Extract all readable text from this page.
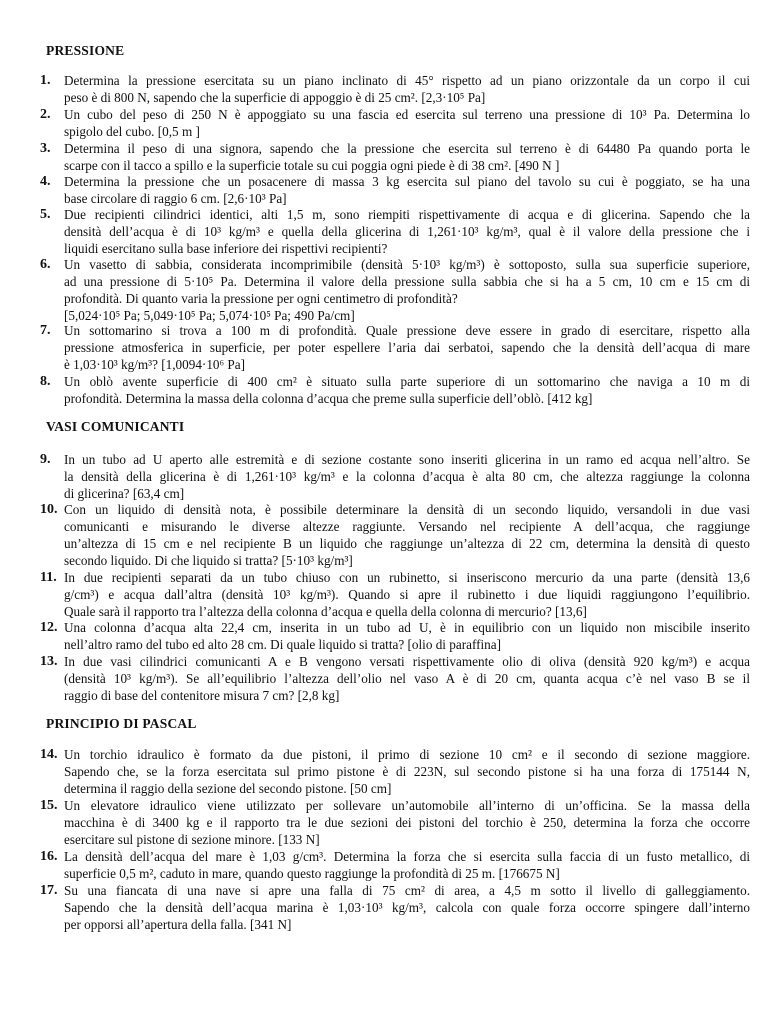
PRESSIONE
1. Determina la pressione esercitata su un piano inclinato di 45° rispetto ad un piano orizzontale da un corpo il cui
peso è di 800 N, sapendo che la superficie di appoggio è di 25 cm². [2,3·10⁵ Pa]
2. Un cubo del peso di 250 N è appoggiato su una fascia ed esercita sul terreno una pressione di 10³ Pa. Determina lo
spigolo del cubo. [0,5 m ]
3. Determina il peso di una signora, sapendo che la pressione che esercita sul terreno è di 64480 Pa quando porta le
scarpe con il tacco a spillo e la superficie totale su cui poggia ogni piede è di 38 cm². [490 N ]
4. Determina la pressione che un posacenere di massa 3 kg esercita sul piano del tavolo su cui è poggiato, se ha una
base circolare di raggio 6 cm. [2,6·10³ Pa]
5. Due recipienti cilindrici identici, alti 1,5 m, sono riempiti rispettivamente di acqua e di glicerina. Sapendo che la
densità dell’acqua è di 10³ kg/m³ e quella della glicerina di 1,261·10³ kg/m³, qual è il valore della pressione che i
liquidi esercitano sulla base inferiore dei rispettivi recipienti?
6. Un vasetto di sabbia, considerata incomprimibile (densità 5·10³ kg/m³) è sottoposto, sulla sua superficie superiore,
ad una pressione di 5·10⁵ Pa. Determina il valore della pressione sulla sabbia che si ha a 5 cm, 10 cm e 15 cm di
profondità. Di quanto varia la pressione per ogni centimetro di profondità?
[5,024·10⁵ Pa; 5,049·10⁵ Pa; 5,074·10⁵ Pa; 490 Pa/cm]
7. Un sottomarino si trova a 100 m di profondità. Quale pressione deve essere in grado di esercitare, rispetto alla
pressione atmosferica in superficie, per poter espellere l’aria dai serbatoi, sapendo che la densità dell’acqua di mare
è 1,03·10³ kg/m³? [1,0094·10⁶ Pa]
8. Un oblò avente superficie di 400 cm² è situato sulla parte superiore di un sottomarino che naviga a 10 m di
profondità. Determina la massa della colonna d’acqua che preme sulla superficie dell’oblò. [412 kg]
VASI COMUNICANTI
9. In un tubo ad U aperto alle estremità e di sezione costante sono inseriti glicerina in un ramo ed acqua nell’altro. Se
la densità della glicerina è di 1,261·10³ kg/m³ e la colonna d’acqua è alta 80 cm, che altezza raggiunge la colonna
di glicerina? [63,4 cm]
10. Con un liquido di densità nota, è possibile determinare la densità di un secondo liquido, versandoli in due vasi
comunicanti e misurando le diverse altezze raggiunte. Versando nel recipiente A dell’acqua, che raggiunge
un’altezza di 15 cm e nel recipiente B un liquido che raggiunge un’altezza di 22 cm, determina la densità di questo
secondo liquido. Di che liquido si tratta? [5·10³ kg/m³]
11. In due recipienti separati da un tubo chiuso con un rubinetto, si inseriscono mercurio da una parte (densità 13,6
g/cm³) e acqua dall’altra (densità 10³ kg/m³). Quando si apre il rubinetto i due liquidi raggiungono l’equilibrio.
Quale sarà il rapporto tra l’altezza della colonna d’acqua e quella della colonna di mercurio? [13,6]
12. Una colonna d’acqua alta 22,4 cm, inserita in un tubo ad U, è in equilibrio con un liquido non miscibile inserito
nell’altro ramo del tubo ed alto 28 cm. Di quale liquido si tratta? [olio di paraffina]
13. In due vasi cilindrici comunicanti A e B vengono versati rispettivamente olio di oliva (densità 920 kg/m³) e acqua
(densità 10³ kg/m³). Se all’equilibrio l’altezza dell’olio nel vaso A è di 20 cm, quanta acqua c’è nel vaso B se il
raggio di base del contenitore misura 7 cm? [2,8 kg]
PRINCIPIO DI PASCAL
14. Un torchio idraulico è formato da due pistoni, il primo di sezione 10 cm² e il secondo di sezione maggiore.
Sapendo che, se la forza esercitata sul primo pistone è di 223N, sul secondo pistone si ha una forza di 175144 N,
determina il raggio della sezione del secondo pistone. [50 cm]
15. Un elevatore idraulico viene utilizzato per sollevare un’automobile all’interno di un’officina. Se la massa della
macchina è di 3400 kg e il rapporto tra le due sezioni dei pistoni del torchio è 250, determina la forza che occorre
esercitare sul pistone di sezione minore. [133 N]
16. La densità dell’acqua del mare è 1,03 g/cm³. Determina la forza che si esercita sulla faccia di un fusto metallico, di
superficie 0,5 m², caduto in mare, quando questo raggiunge la profondità di 25 m. [176675 N]
17. Su una fiancata di una nave si apre una falla di 75 cm² di area, a 4,5 m sotto il livello di galleggiamento.
Sapendo che la densità dell’acqua marina è 1,03·10³ kg/m³, calcola con quale forza occorre spingere dall’interno
per opporsi all’apertura della falla. [341 N]
